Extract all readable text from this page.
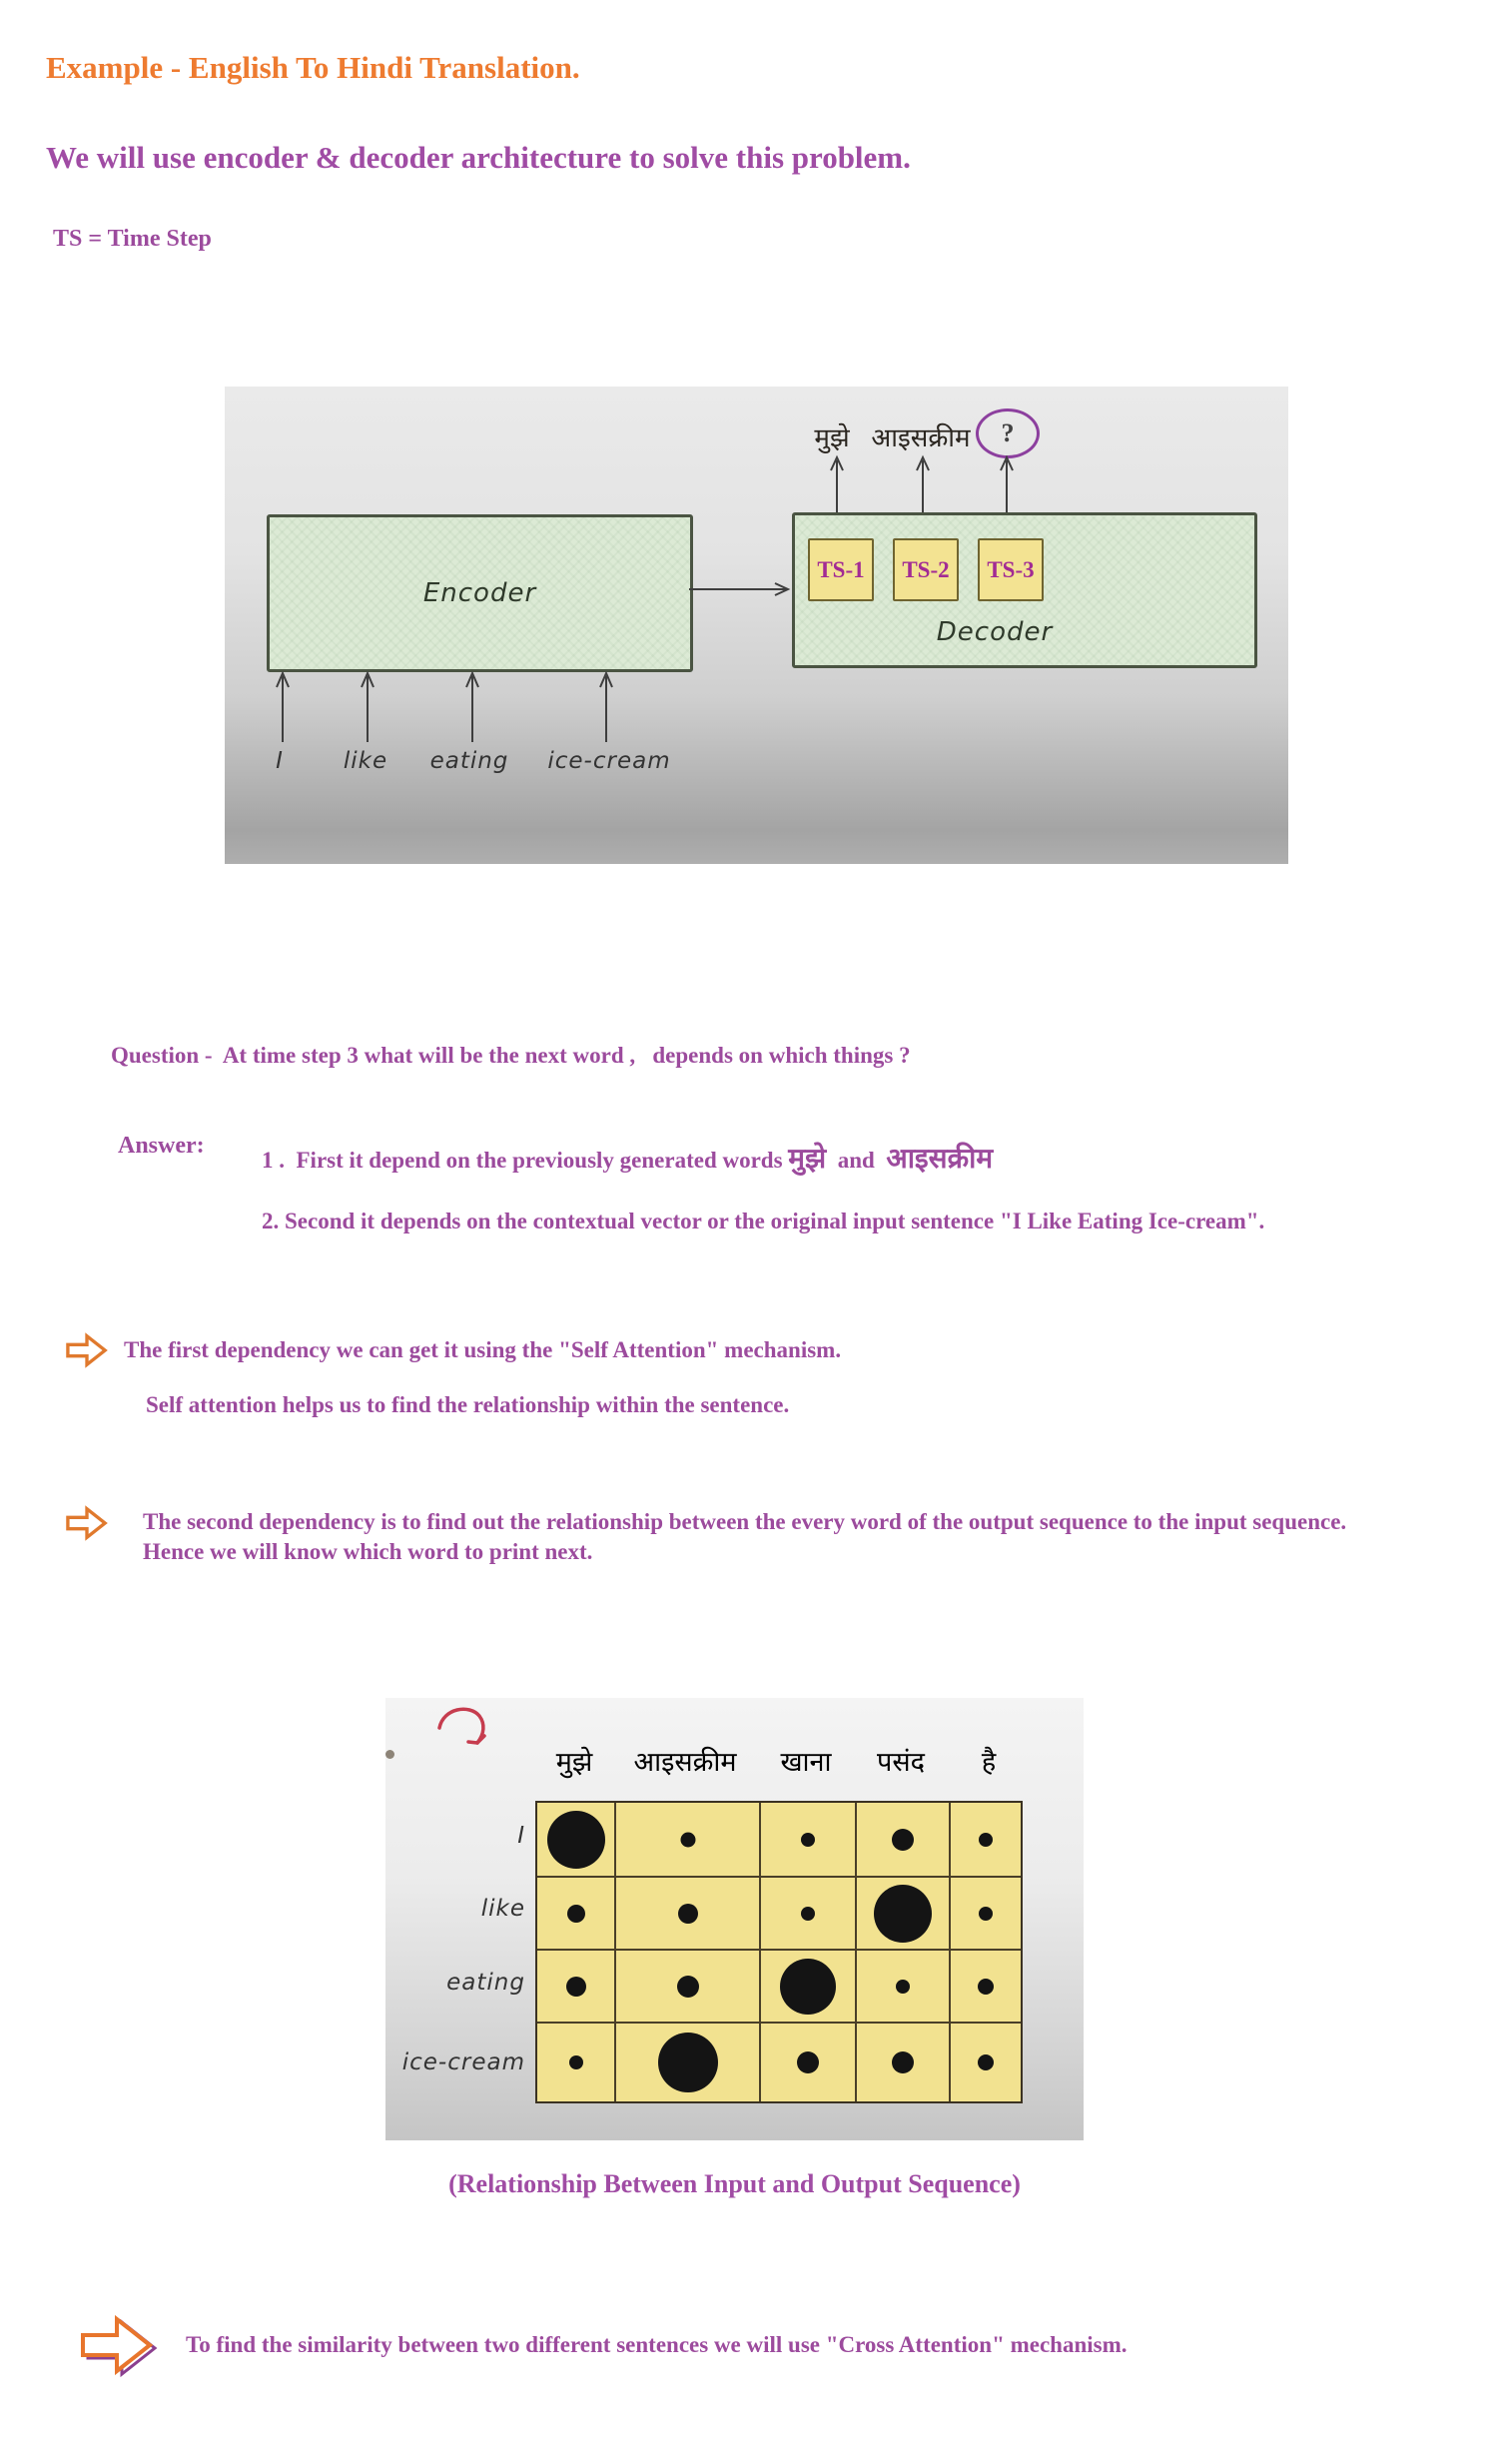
Example - English To Hindi Translation.
We will use encoder & decoder architecture to solve this problem.
TS = Time Step
मुझे आइसक्रीम ?
Encoder
TS-1 TS-2 TS-3
Decoder
I	like eating ice-cream
Question -  At time step 3 what will be the next word ,   depends on which things ?
Answer:
1 .  First it depend on the previously generated words मुझे  and  आइसक्रीम
2. Second it depends on the contextual vector or the original input sentence "I Like Eating Ice-cream".
The first dependency we can get it using the "Self Attention" mechanism.
Self attention helps us to find the relationship within the sentence.
The second dependency is to find out the relationship between the every word of the output sequence to the input sequence. Hence we will know which word to print next.
मुझे आइसक्रीम खाना पसंद है
I
like
eating
ice-cream
(Relationship Between Input and Output Sequence)
To find the similarity between two different sentences we will use "Cross Attention" mechanism.
